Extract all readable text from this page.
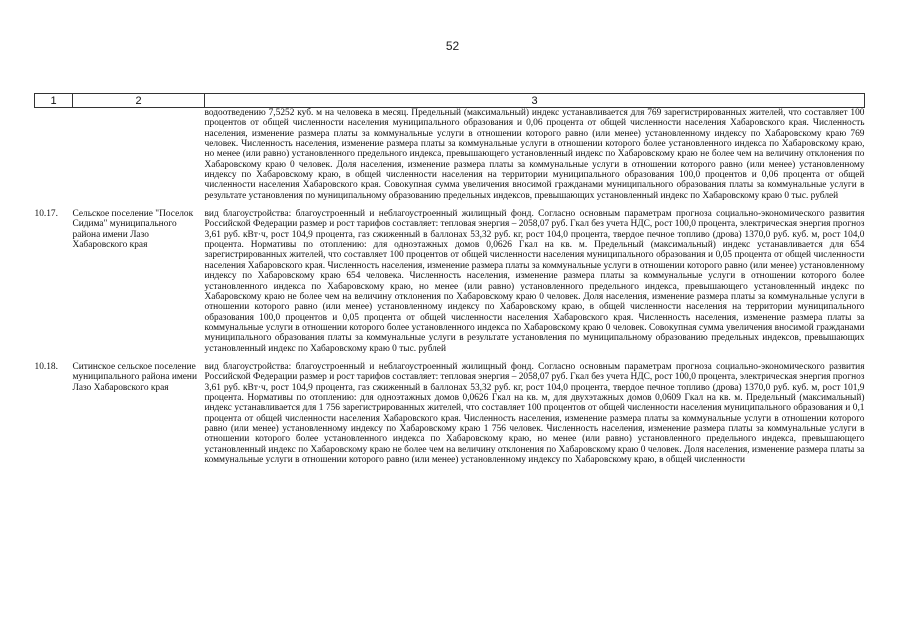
52
1	2	3
		водоотведению 7,5252 куб. м на человека в месяц. Предельный (максимальный) индекс устанавливается для 769 зарегистрированных жителей, что составляет 100 процентов от общей численности населения муниципального образования и 0,06 процента от общей численности населения Хабаровского края. Численность населения, изменение размера платы за коммунальные услуги в отношении которого равно (или менее) установленному индексу по Хабаровскому краю 769 человек. Численность населения, изменение размера платы за коммунальные услуги в отношении которого более установленного индекса по Хабаровскому краю, но менее (или равно) установленного предельного индекса, превышающего установленный индекс по Хабаровскому краю не более чем на величину отклонения по Хабаровскому краю 0 человек. Доля населения, изменение размера платы за коммунальные услуги в отношении которого равно (или менее) установленному индексу по Хабаровскому краю, в общей численности населения на территории муниципального образования 100,0 процентов и 0,06 процента от общей численности населения Хабаровского края. Совокупная сумма увеличения вносимой гражданами муниципального образования платы за коммунальные услуги в результате установления по муниципальному образованию предельных индексов, превышающих установленный индекс по Хабаровскому краю 0 тыс. рублей
10.17.	Сельское поселение "Поселок Сидима" муниципального района имени Лазо Хабаровского края	вид благоустройства: благоустроенный и неблагоустроенный жилищный фонд. Согласно основным параметрам прогноза социально-экономического развития Российской Федерации размер и рост тарифов составляет: тепловая энергия – 2058,07 руб. Гкал без учета НДС, рост 100,0 процента, электрическая энергия прогноз 3,61 руб. кВт·ч, рост 104,9 процента, газ сжиженный в баллонах 53,32 руб. кг, рост 104,0 процента, твердое печное топливо (дрова) 1370,0 руб. куб. м, рост 104,0 процента. Нормативы по отоплению: для одноэтажных домов 0,0626 Гкал на кв. м. Предельный (максимальный) индекс устанавливается для 654 зарегистрированных жителей, что составляет 100 процентов от общей численности населения муниципального образования и 0,05 процента от общей численности населения Хабаровского края. Численность населения, изменение размера платы за коммунальные услуги в отношении которого равно (или менее) установленному индексу по Хабаровскому краю 654 человека. Численность населения, изменение размера платы за коммунальные услуги в отношении которого более установленного индекса по Хабаровскому краю, но менее (или равно) установленного предельного индекса, превышающего установленный индекс по Хабаровскому краю не более чем на величину отклонения по Хабаровскому краю 0 человек. Доля населения, изменение размера платы за коммунальные услуги в отношении которого равно (или менее) установленному индексу по Хабаровскому краю, в общей численности населения на территории муниципального образования 100,0 процентов и 0,05 процента от общей численности населения Хабаровского края. Численность населения, изменение размера платы за коммунальные услуги в отношении которого более установленного индекса по Хабаровскому краю 0 человек. Совокупная сумма увеличения вносимой гражданами муниципального образования платы за коммунальные услуги в результате установления по муниципальному образованию предельных индексов, превышающих установленный индекс по Хабаровскому краю 0 тыс. рублей
10.18.	Ситинское сельское поселение муниципального района имени Лазо Хабаровского края	вид благоустройства: благоустроенный и неблагоустроенный жилищный фонд. Согласно основным параметрам прогноза социально-экономического развития Российской Федерации размер и рост тарифов составляет: тепловая энергия – 2058,07 руб. Гкал без учета НДС, рост 100,0 процента, электрическая энергия прогноз 3,61 руб. кВт·ч, рост 104,9 процента, газ сжиженный в баллонах 53,32 руб. кг, рост 104,0 процента, твердое печное топливо (дрова) 1370,0 руб. куб. м, рост 101,9 процента. Нормативы по отоплению: для одноэтажных домов 0,0626 Гкал на кв. м, для двухэтажных домов 0,0609 Гкал на кв. м. Предельный (максимальный) индекс устанавливается для 1 756 зарегистрированных жителей, что составляет 100 процентов от общей численности населения муниципального образования и 0,1 процента от общей численности населения Хабаровского края. Численность населения, изменение размера платы за коммунальные услуги в отношении которого равно (или менее) установленному индексу по Хабаровскому краю 1 756 человек. Численность населения, изменение размера платы за коммунальные услуги в отношении которого более установленного индекса по Хабаровскому краю, но менее (или равно) установленного предельного индекса, превышающего установленный индекс по Хабаровскому краю не более чем на величину отклонения по Хабаровскому краю 0 человек. Доля населения, изменение размера платы за коммунальные услуги в отношении которого равно (или менее) установленному индексу по Хабаровскому краю, в общей численности
